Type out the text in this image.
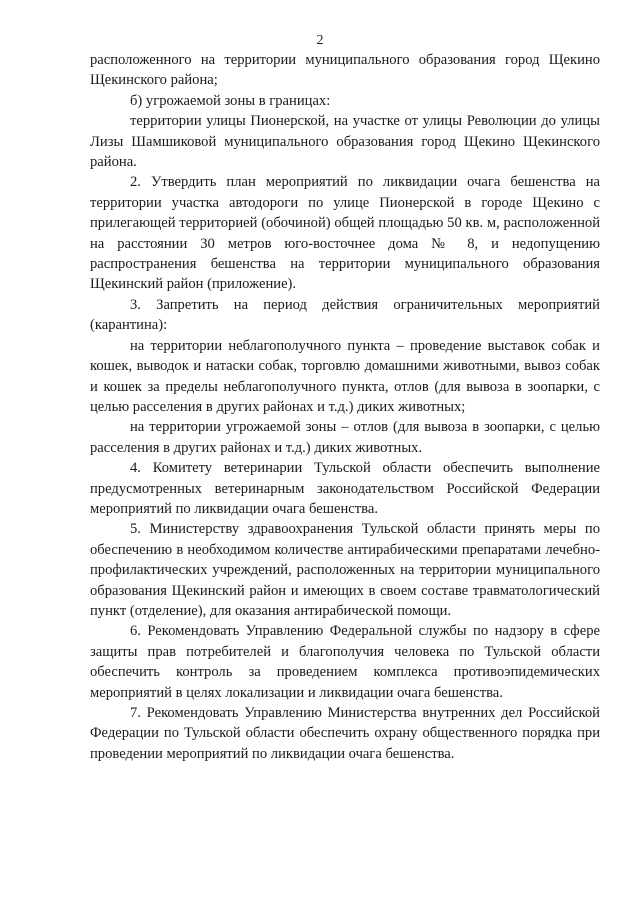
2

расположенного на территории муниципального образования город Щекино Щекинского района;

б) угрожаемой зоны в границах:

территории улицы Пионерской, на участке от улицы Революции до улицы Лизы Шамшиковой муниципального образования город Щекино Щекинского района.

2. Утвердить план мероприятий по ликвидации очага бешенства на территории участка автодороги по улице Пионерской в городе Щекино с прилегающей территорией (обочиной) общей площадью 50 кв. м, расположенной на расстоянии 30 метров юго-восточнее дома № 8, и недопущению распространения бешенства на территории муниципального образования Щекинский район (приложение).

3. Запретить на период действия ограничительных мероприятий (карантина):

на территории неблагополучного пункта – проведение выставок собак и кошек, выводок и натаски собак, торговлю домашними животными, вывоз собак и кошек за пределы неблагополучного пункта, отлов (для вывоза в зоопарки, с целью расселения в других районах и т.д.) диких животных;

на территории угрожаемой зоны – отлов (для вывоза в зоопарки, с целью расселения в других районах и т.д.) диких животных.

4. Комитету ветеринарии Тульской области обеспечить выполнение предусмотренных ветеринарным законодательством Российской Федерации мероприятий по ликвидации очага бешенства.

5. Министерству здравоохранения Тульской области принять меры по обеспечению в необходимом количестве антирабическими препаратами лечебно-профилактических учреждений, расположенных на территории муниципального образования Щекинский район и имеющих в своем составе травматологический пункт (отделение), для оказания антирабической помощи.

6. Рекомендовать Управлению Федеральной службы по надзору в сфере защиты прав потребителей и благополучия человека по Тульской области обеспечить контроль за проведением комплекса противоэпидемических мероприятий в целях локализации и ликвидации очага бешенства.

7. Рекомендовать Управлению Министерства внутренних дел Российской Федерации по Тульской области обеспечить охрану общественного порядка при проведении мероприятий по ликвидации очага бешенства.
